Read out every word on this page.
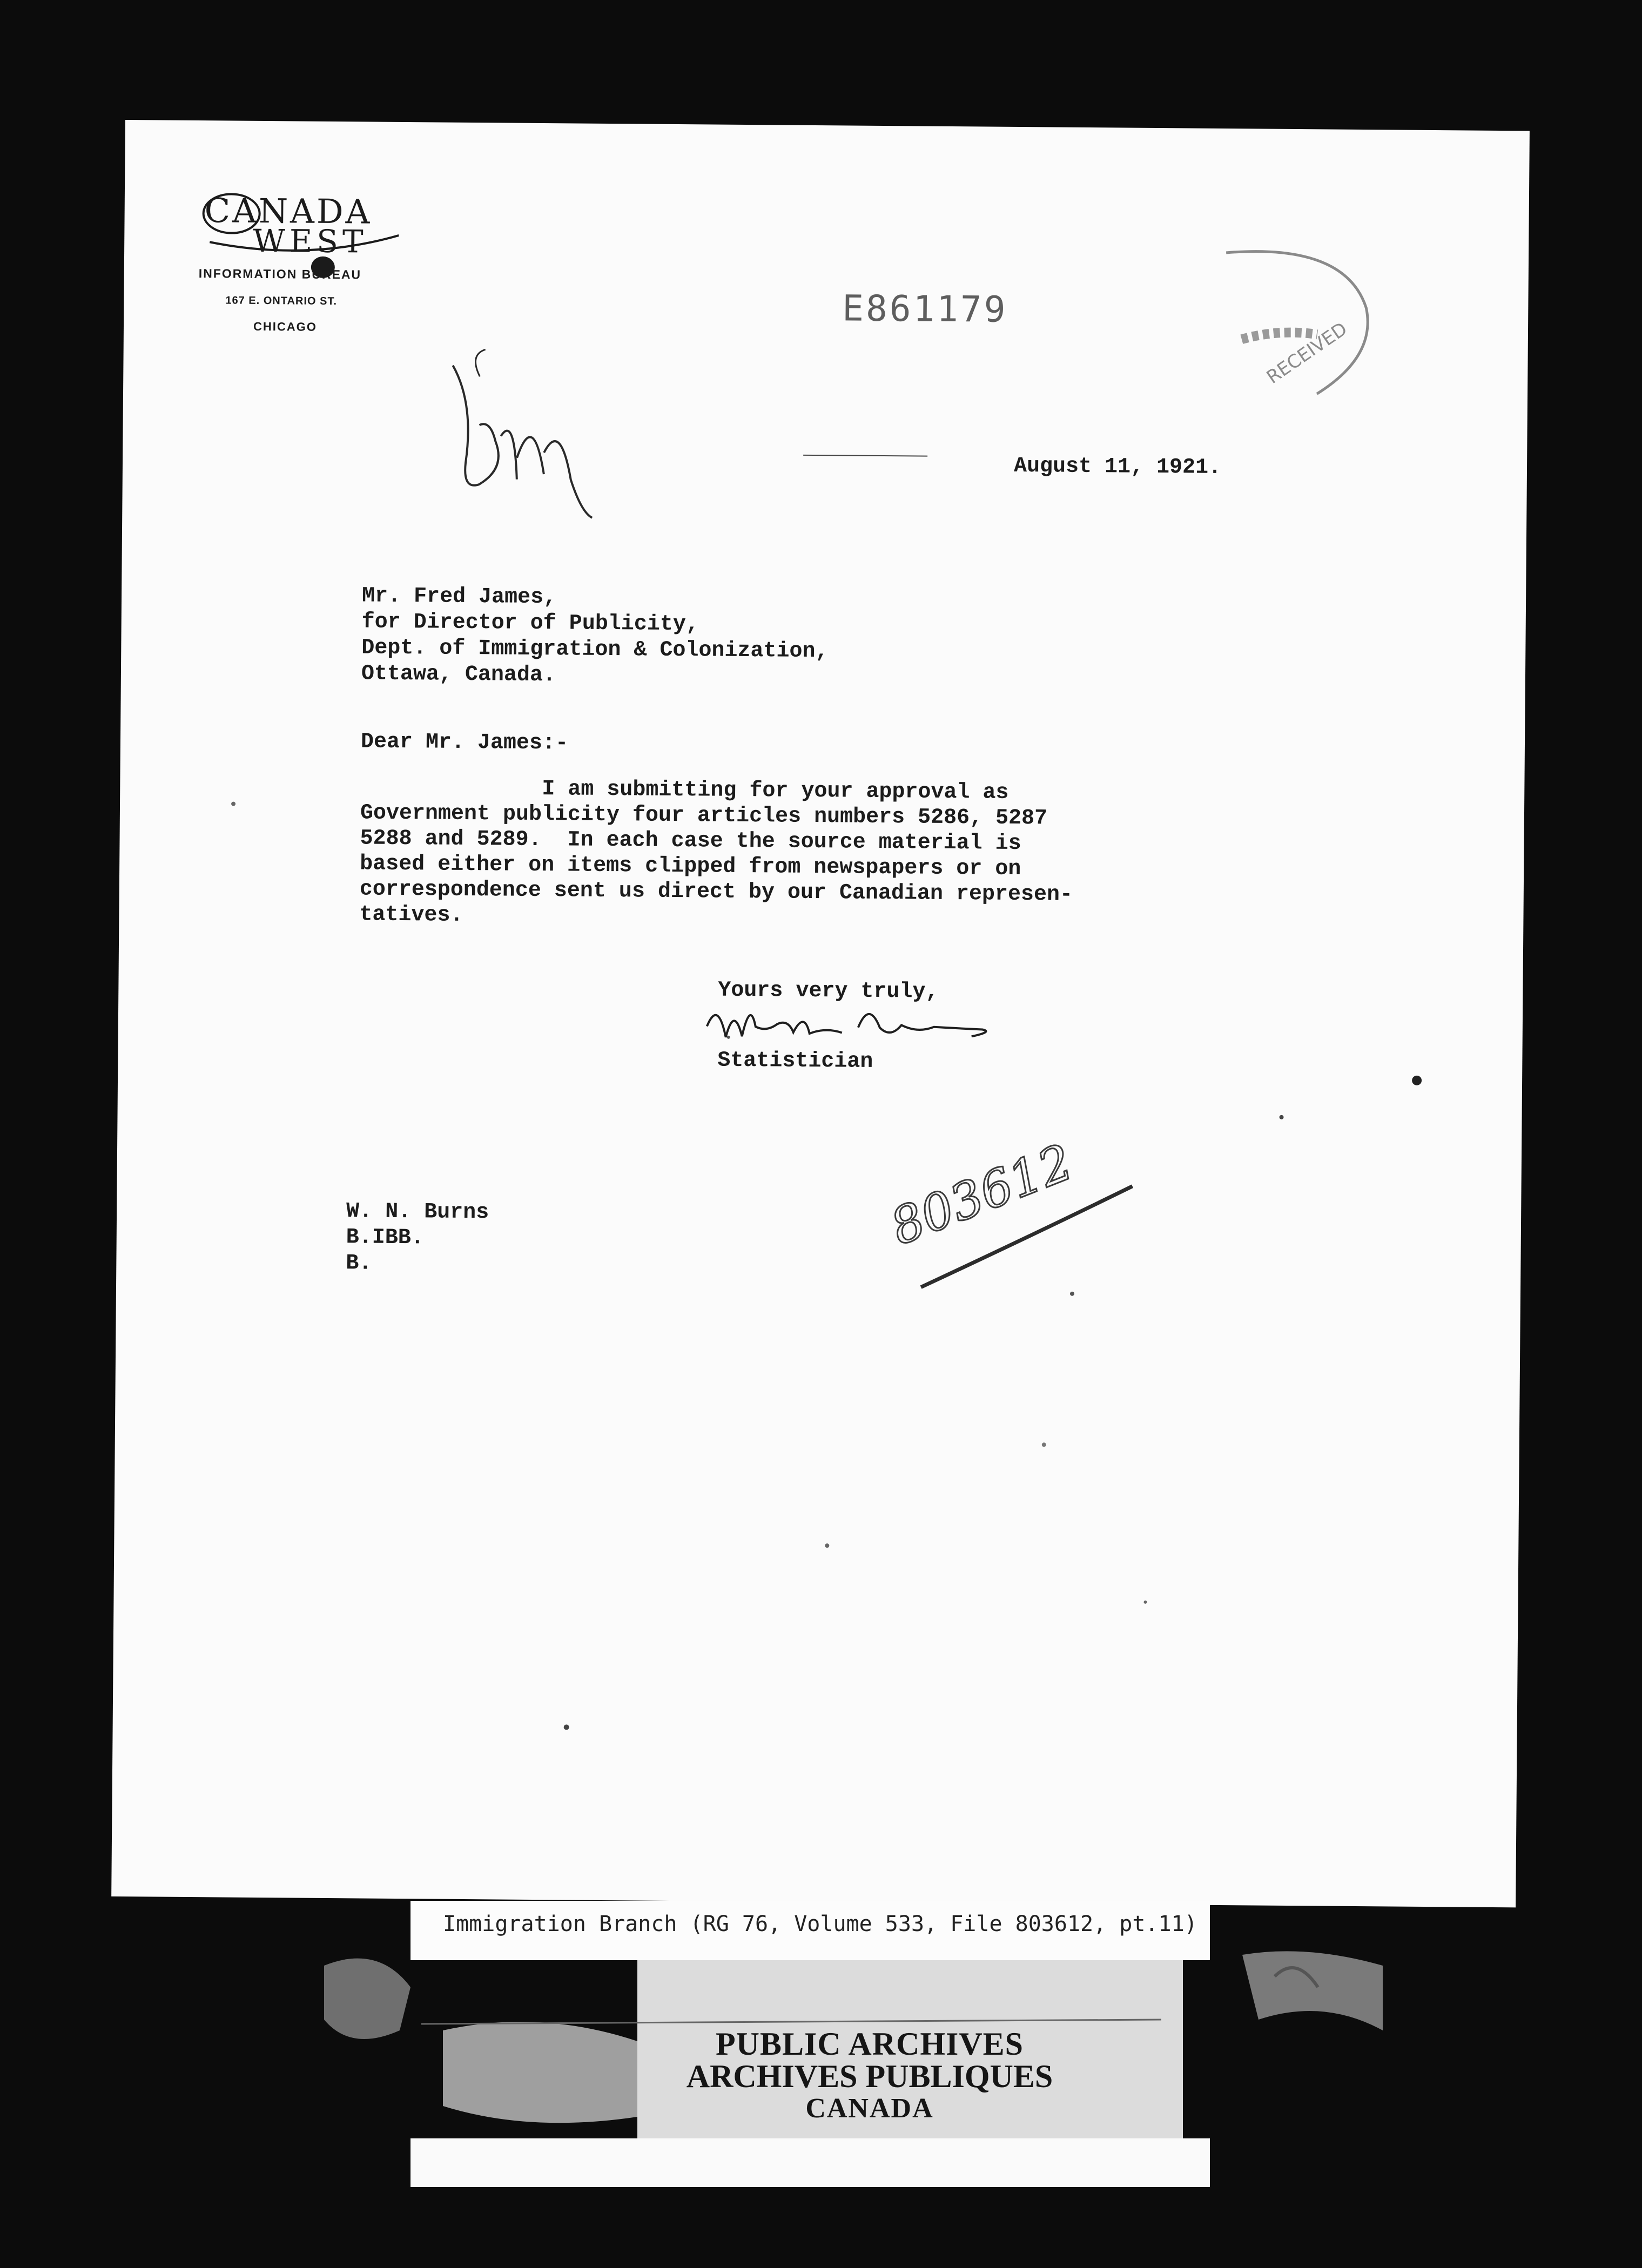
CANADA
WEST
INFORMATION BUREAU
167 E. ONTARIO ST.
CHICAGO	E861179
RECEIVED
August 11, 1921.
Mr. Fred James,
for Director of Publicity,
Dept. of Immigration & Colonization,
Ottawa, Canada.
Dear Mr. James:-
I am submitting for your approval as
Government publicity four articles numbers 5286, 5287
5288 and 5289.  In each case the source material is
based either on items clipped from newspapers or on
correspondence sent us direct by our Canadian represen-
tatives.
Yours very truly,
Statistician
803612
W. N. Burns
B.IBB.
B.
Immigration Branch (RG 76, Volume 533, File 803612, pt.11)
PUBLIC ARCHIVES
ARCHIVES PUBLIQUES
CANADA
